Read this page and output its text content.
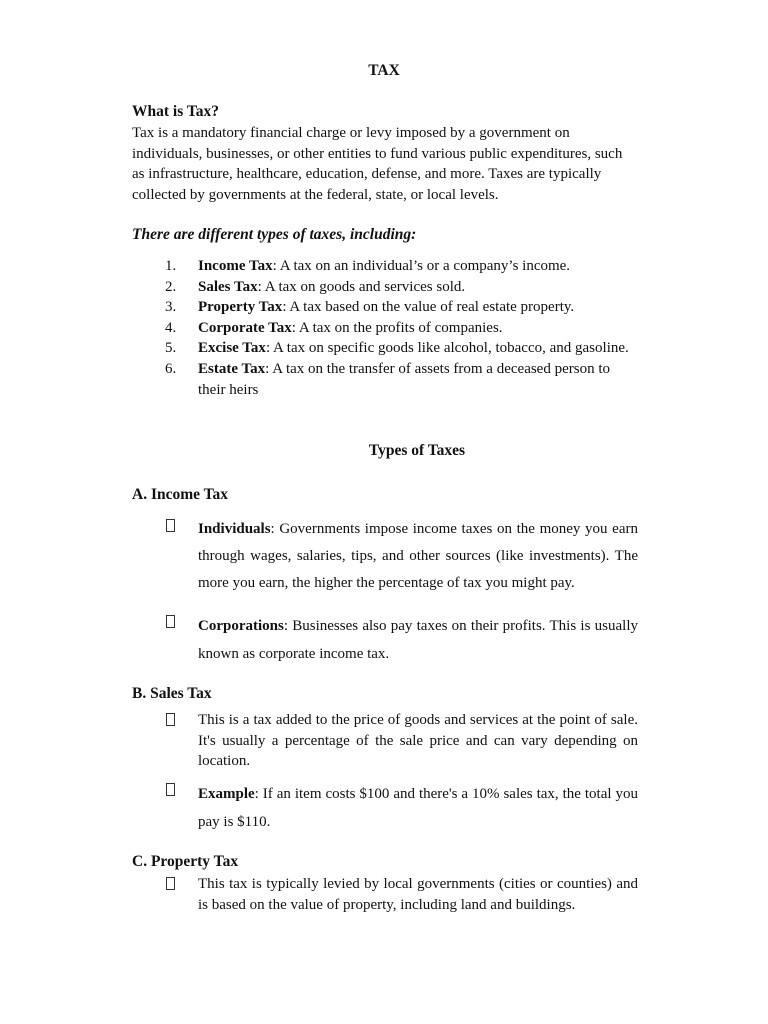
TAX
What is Tax?
Tax is a mandatory financial charge or levy imposed by a government on individuals, businesses, or other entities to fund various public expenditures, such as infrastructure, healthcare, education, defense, and more. Taxes are typically collected by governments at the federal, state, or local levels.
There are different types of taxes, including:
1. Income Tax: A tax on an individual’s or a company’s income.
2. Sales Tax: A tax on goods and services sold.
3. Property Tax: A tax based on the value of real estate property.
4. Corporate Tax: A tax on the profits of companies.
5. Excise Tax: A tax on specific goods like alcohol, tobacco, and gasoline.
6. Estate Tax: A tax on the transfer of assets from a deceased person to their heirs
Types of Taxes
A. Income Tax
Individuals: Governments impose income taxes on the money you earn through wages, salaries, tips, and other sources (like investments). The more you earn, the higher the percentage of tax you might pay.
Corporations: Businesses also pay taxes on their profits. This is usually known as corporate income tax.
B. Sales Tax
This is a tax added to the price of goods and services at the point of sale. It's usually a percentage of the sale price and can vary depending on location.
Example: If an item costs $100 and there's a 10% sales tax, the total you pay is $110.
C. Property Tax
This tax is typically levied by local governments (cities or counties) and is based on the value of property, including land and buildings.
